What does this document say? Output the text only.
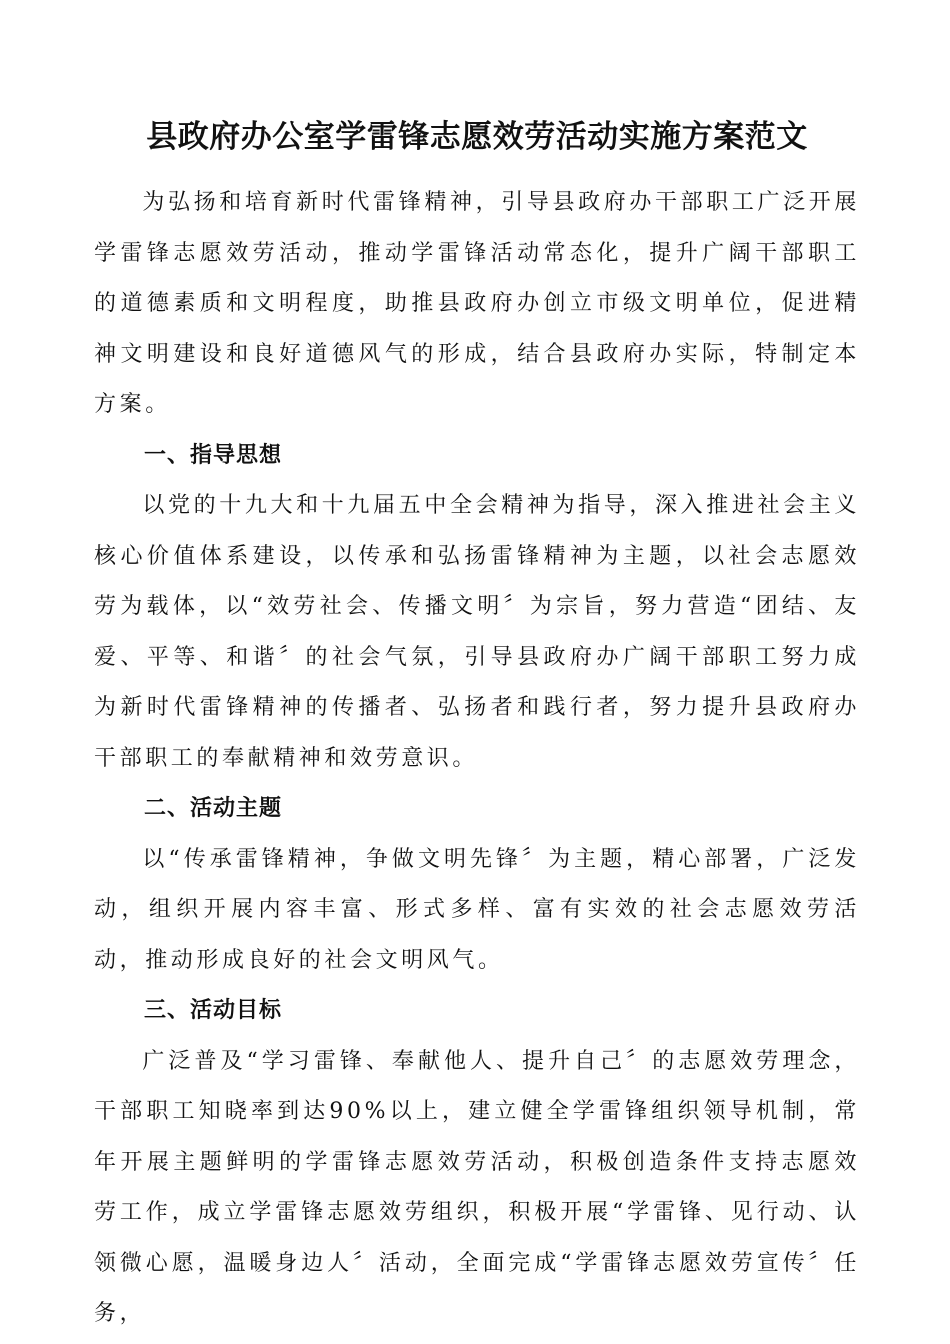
县政府办公室学雷锋志愿效劳活动实施方案范文

为弘扬和培育新时代雷锋精神，引导县政府办干部职工广泛开展学雷锋志愿效劳活动，推动学雷锋活动常态化，提升广阔干部职工的道德素质和文明程度，助推县政府办创立市级文明单位，促进精神文明建设和良好道德风气的形成，结合县政府办实际，特制定本方案。

一、指导思想

以党的十九大和十九届五中全会精神为指导，深入推进社会主义核心价值体系建设，以传承和弘扬雷锋精神为主题，以社会志愿效劳为载体，以“效劳社会、传播文明〞为宗旨，努力营造“团结、友爱、平等、和谐〞的社会气氛，引导县政府办广阔干部职工努力成为新时代雷锋精神的传播者、弘扬者和践行者，努力提升县政府办干部职工的奉献精神和效劳意识。

二、活动主题

以“传承雷锋精神，争做文明先锋〞为主题，精心部署，广泛发动，组织开展内容丰富、形式多样、富有实效的社会志愿效劳活动，推动形成良好的社会文明风气。

三、活动目标

广泛普及“学习雷锋、奉献他人、提升自己〞的志愿效劳理念，干部职工知晓率到达90%以上，建立健全学雷锋组织领导机制，常年开展主题鲜明的学雷锋志愿效劳活动，积极创造条件支持志愿效劳工作，成立学雷锋志愿效劳组织，积极开展“学雷锋、见行动、认领微心愿，温暖身边人〞活动，全面完成“学雷锋志愿效劳宣传〞任务，
